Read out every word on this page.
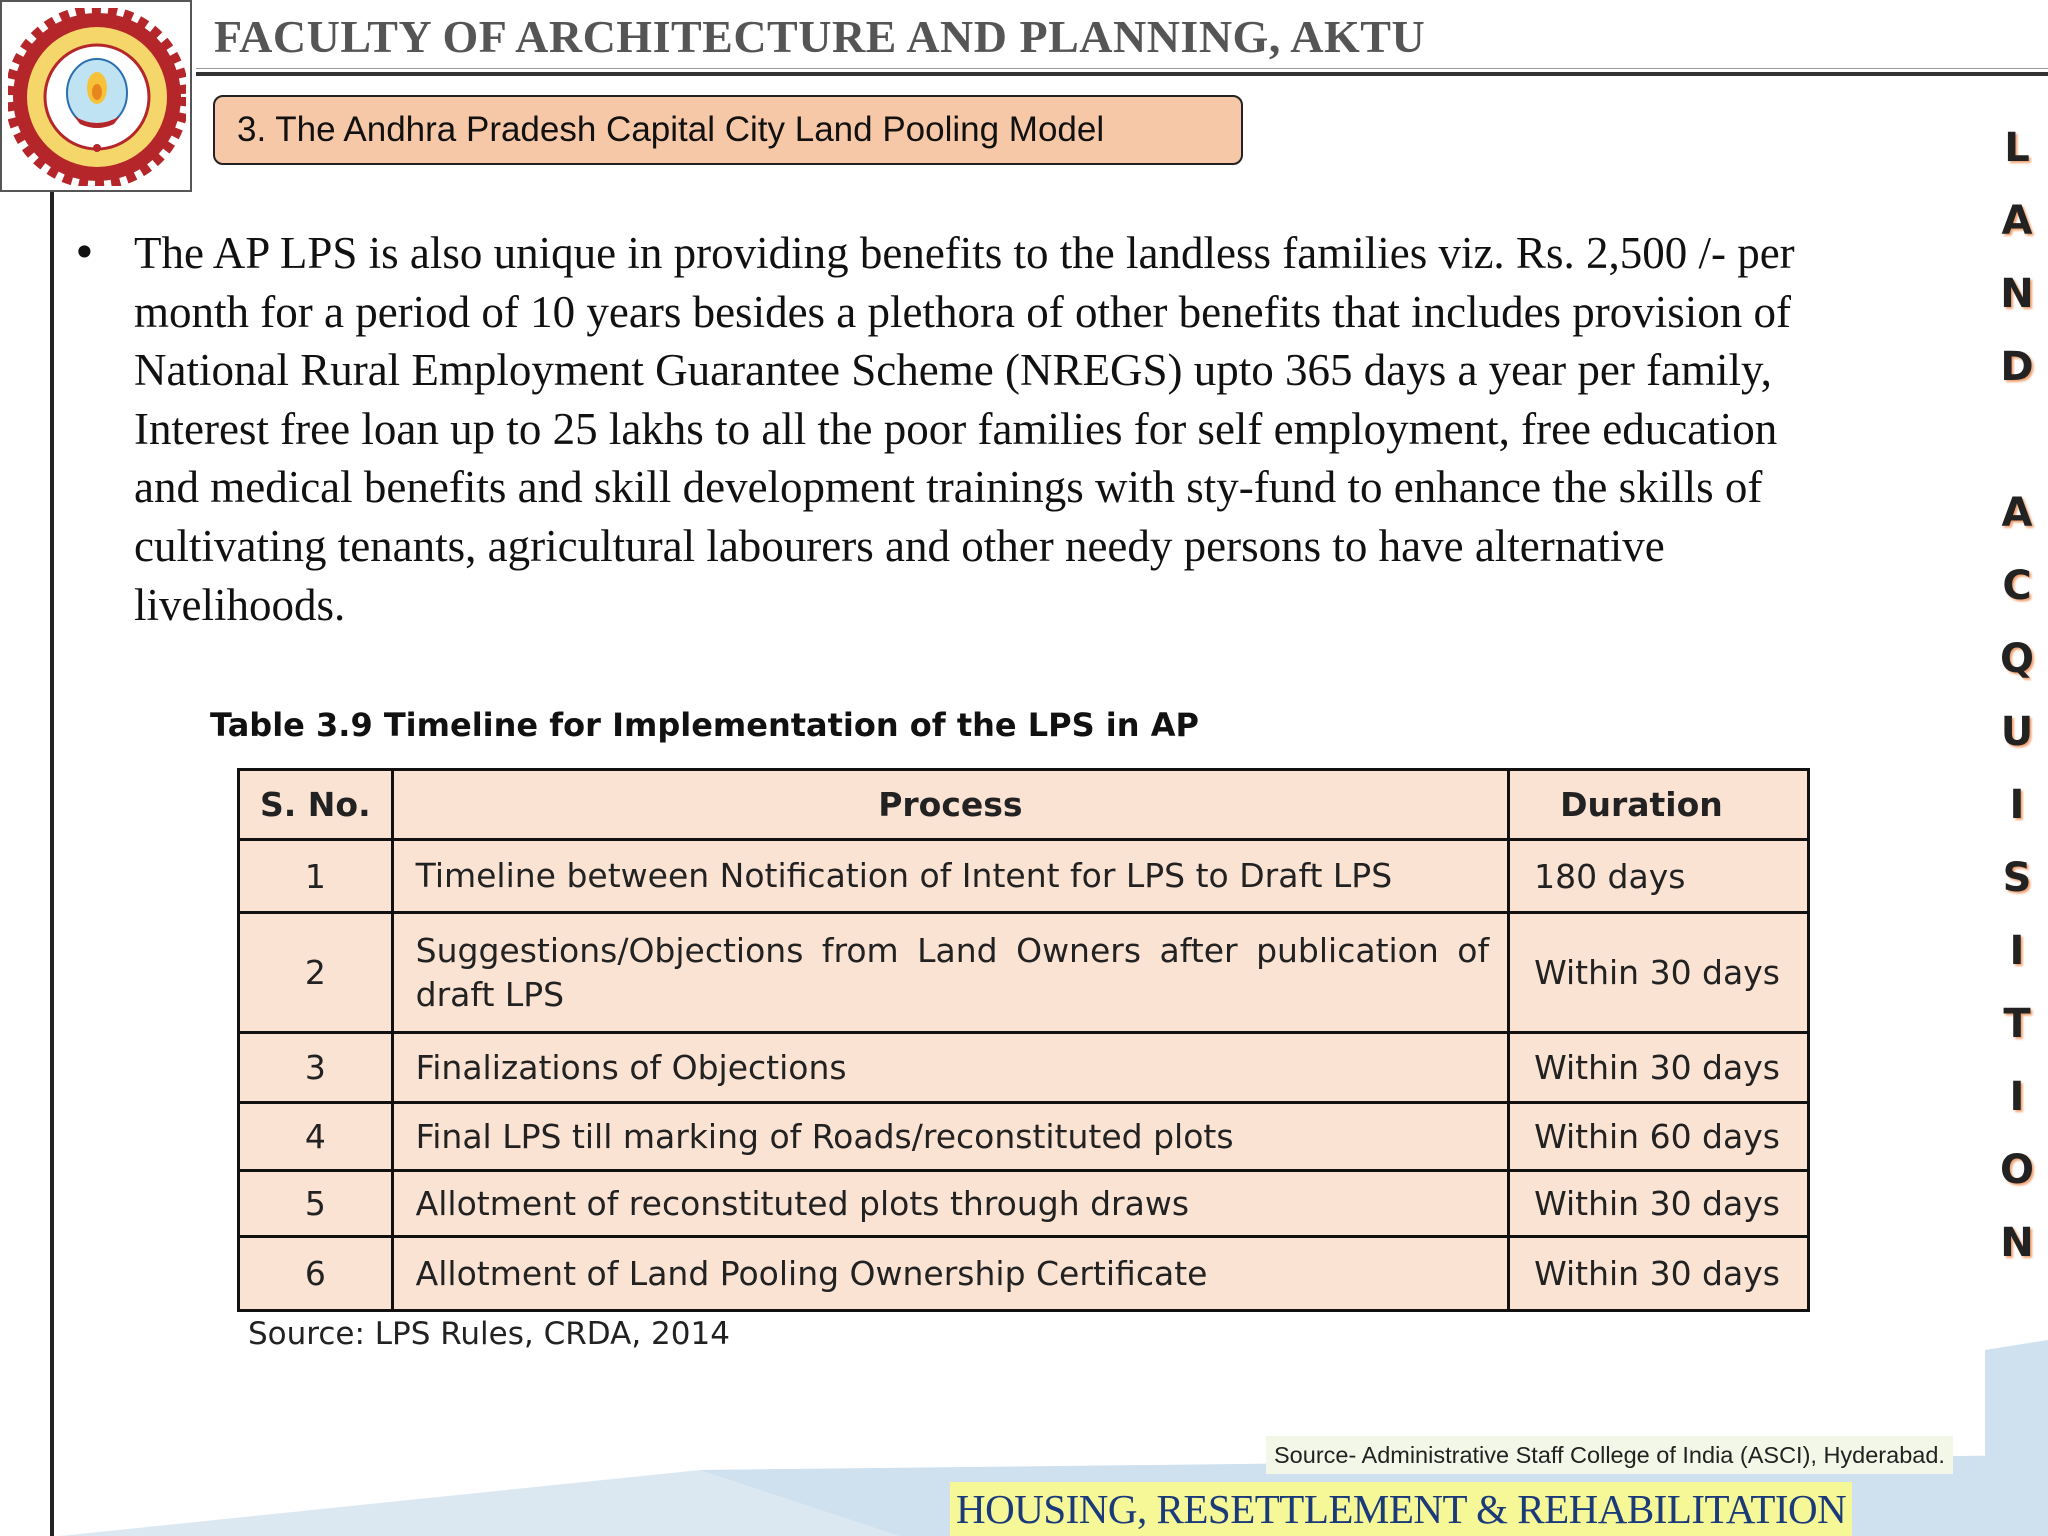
FACULTY OF ARCHITECTURE AND PLANNING, AKTU
3. The Andhra Pradesh Capital City Land Pooling Model	L
A
N
D
A
C
Q
U
I
S
I
T
I
O
N
• The AP LPS is also unique in providing benefits to the landless families viz. Rs. 2,500 /- per
month for a period of 10 years besides a plethora of other benefits that includes provision of
National Rural Employment Guarantee Scheme (NREGS) upto 365 days a year per family,
Interest free loan up to 25 lakhs to all the poor families for self employment, free education
and medical benefits and skill development trainings with sty-fund to enhance the skills of
cultivating tenants, agricultural labourers and other needy persons to have alternative
livelihoods.
Table 3.9 Timeline for Implementation of the LPS in AP
S. No.	Process	Duration
1	Timeline between Notification of Intent for LPS to Draft LPS	180 days
2	Suggestions/Objections from Land Owners after publication of draft LPS	Within 30 days
3	Finalizations of Objections	Within 30 days
4	Final LPS till marking of Roads/reconstituted plots	Within 60 days
5	Allotment of reconstituted plots through draws	Within 30 days
6	Allotment of Land Pooling Ownership Certificate	Within 30 days
Source: LPS Rules, CRDA, 2014
Source- Administrative Staff College of India (ASCI), Hyderabad.
HOUSING, RESETTLEMENT & REHABILITATION
